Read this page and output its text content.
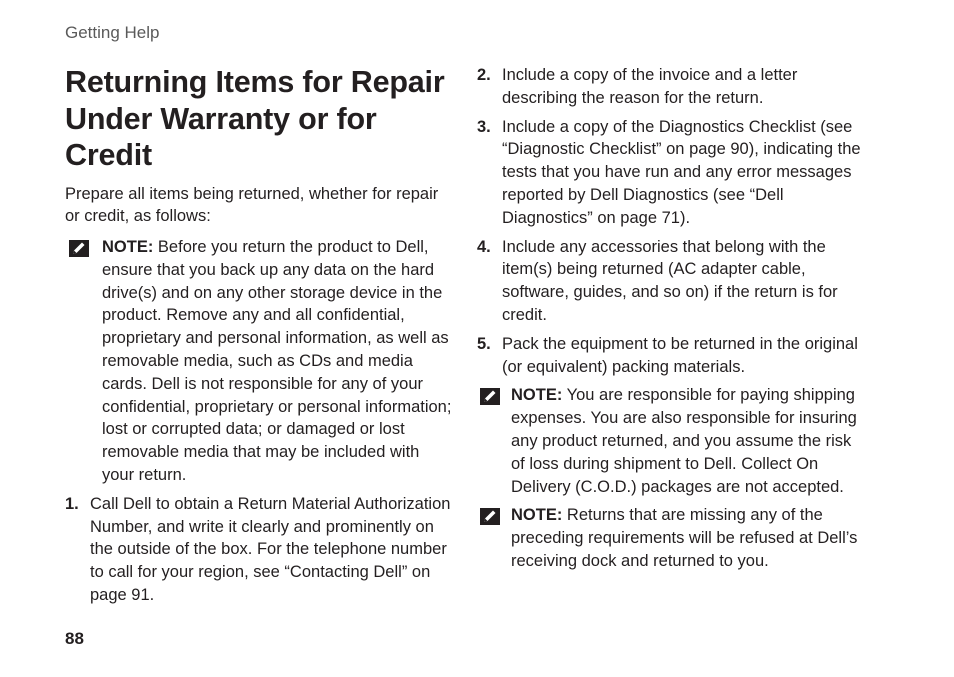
Getting Help
Returning Items for Repair Under Warranty or for Credit

Prepare all items being returned, whether for repair or credit, as follows:

NOTE: Before you return the product to Dell, ensure that you back up any data on the hard drive(s) and on any other storage device in the product. Remove any and all confidential, proprietary and personal information, as well as removable media, such as CDs and media cards. Dell is not responsible for any of your confidential, proprietary or personal information; lost or corrupted data; or damaged or lost removable media that may be included with your return.
1. Call Dell to obtain a Return Material Authorization Number, and write it clearly and prominently on the outside of the box. For the telephone number to call for your region, see “Contacting Dell” on page 91.
2. Include a copy of the invoice and a letter describing the reason for the return.
3. Include a copy of the Diagnostics Checklist (see “Diagnostic Checklist” on page 90), indicating the tests that you have run and any error messages reported by Dell Diagnostics (see “Dell Diagnostics” on page 71).
4. Include any accessories that belong with the item(s) being returned (AC adapter cable, software, guides, and so on) if the return is for credit.
5. Pack the equipment to be returned in the original (or equivalent) packing materials.
NOTE: You are responsible for paying shipping expenses. You are also responsible for insuring any product returned, and you assume the risk of loss during shipment to Dell. Collect On Delivery (C.O.D.) packages are not accepted.
NOTE: Returns that are missing any of the preceding requirements will be refused at Dell’s receiving dock and returned to you.
88
